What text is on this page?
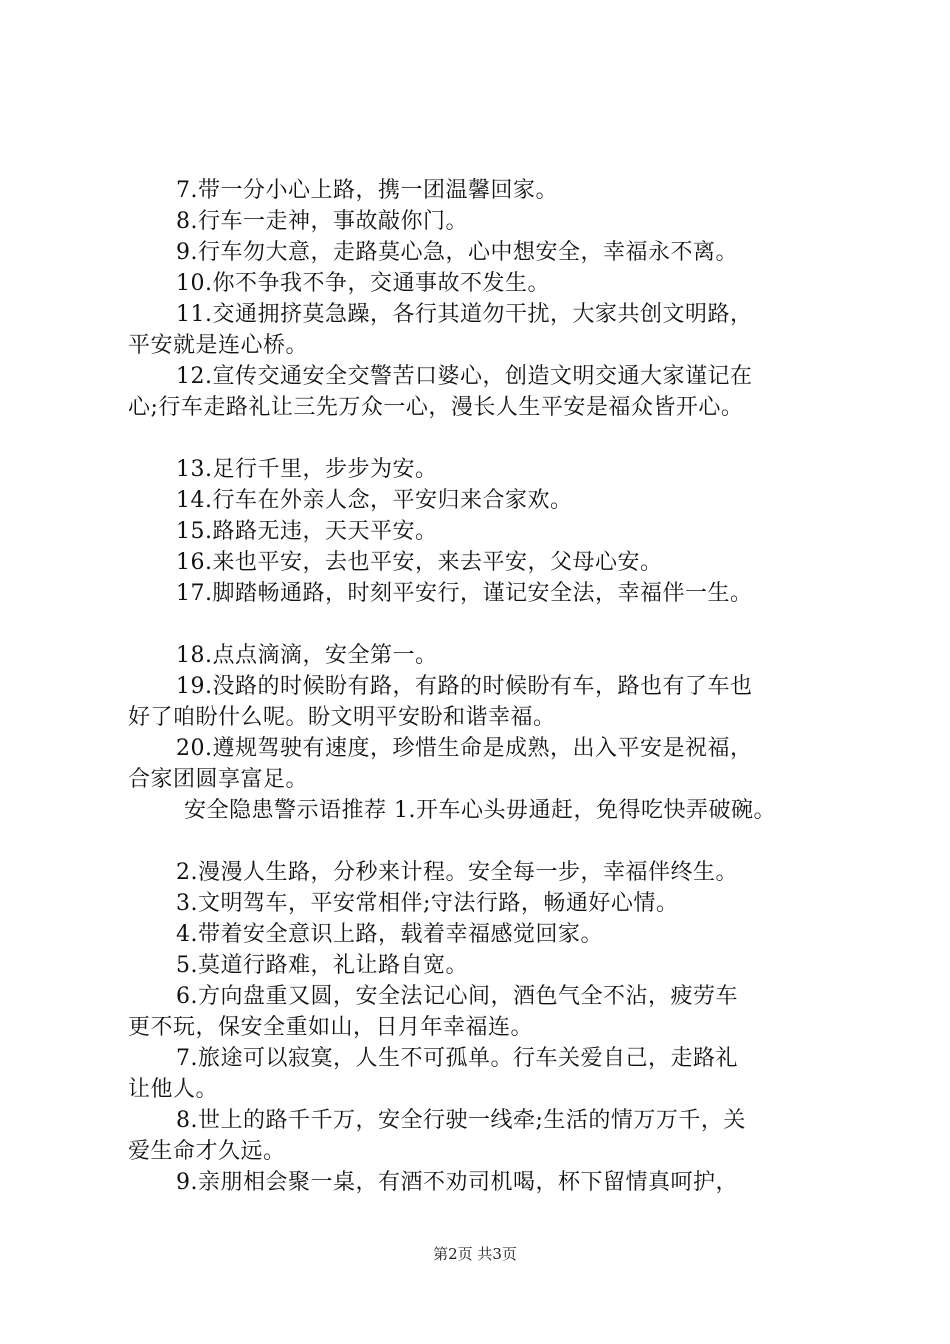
7.带一分小心上路，携一团温馨回家。
8.行车一走神，事故敲你门。
9.行车勿大意，走路莫心急，心中想安全，幸福永不离。
10.你不争我不争，交通事故不发生。
11.交通拥挤莫急躁，各行其道勿干扰，大家共创文明路，
平安就是连心桥。
12.宣传交通安全交警苦口婆心，创造文明交通大家谨记在
心;行车走路礼让三先万众一心，漫长人生平安是福众皆开心。
13.足行千里，步步为安。
14.行车在外亲人念，平安归来合家欢。
15.路路无违，天天平安。
16.来也平安，去也平安，来去平安，父母心安。
17.脚踏畅通路，时刻平安行，谨记安全法，幸福伴一生。
18.点点滴滴，安全第一。
19.没路的时候盼有路，有路的时候盼有车，路也有了车也
好了咱盼什么呢。盼文明平安盼和谐幸福。
20.遵规驾驶有速度，珍惜生命是成熟，出入平安是祝福，
合家团圆享富足。
安全隐患警示语推荐 1.开车心头毋通赶，免得吃快弄破碗。
2.漫漫人生路，分秒来计程。安全每一步，幸福伴终生。
3.文明驾车，平安常相伴;守法行路，畅通好心情。
4.带着安全意识上路，载着幸福感觉回家。
5.莫道行路难，礼让路自宽。
6.方向盘重又圆，安全法记心间，酒色气全不沾，疲劳车
更不玩，保安全重如山，日月年幸福连。
7.旅途可以寂寞，人生不可孤单。行车关爱自己，走路礼
让他人。
8.世上的路千千万，安全行驶一线牵;生活的情万万千，关
爱生命才久远。
9.亲朋相会聚一桌，有酒不劝司机喝，杯下留情真呵护，
第2页 共3页
